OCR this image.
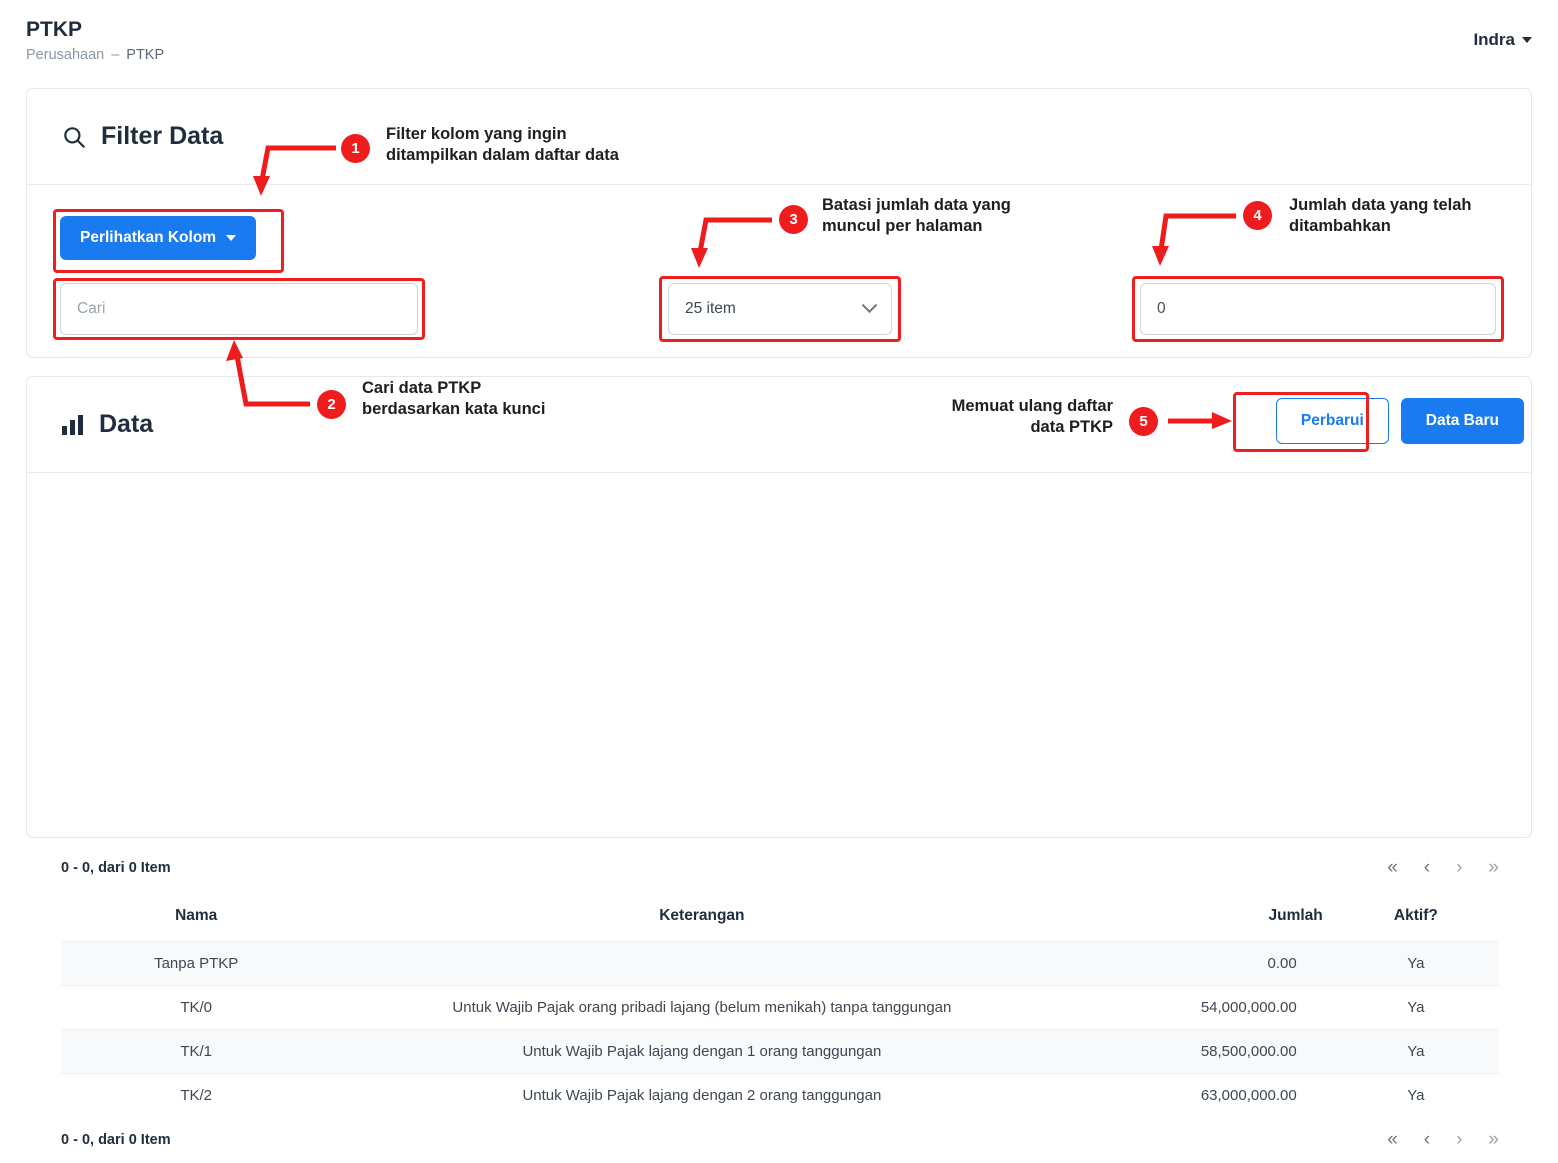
PTKP
Perusahaan – PTKP
Indra
Filter Data
Perlihatkan Kolom
Cari
25 item
0
Data
0 - 0, dari 0 Item	« ‹ › »
Nama	Keterangan	Jumlah	Aktif?
Tanpa PTKP		0.00	Ya
TK/0	Untuk Wajib Pajak orang pribadi lajang (belum menikah) tanpa tanggungan	54,000,000.00	Ya
TK/1	Untuk Wajib Pajak lajang dengan 1 orang tanggungan	58,500,000.00	Ya
TK/2	Untuk Wajib Pajak lajang dengan 2 orang tanggungan	63,000,000.00	Ya
0 - 0, dari 0 Item	« ‹ › »
Perbarui	Data Baru
1
2
3	4
5
Filter kolom yang ingin
ditampilkan dalam daftar data
Cari data PTKP
berdasarkan kata kunci
Batasi jumlah data yang
muncul per halaman
Jumlah data yang telah
ditambahkan
Memuat ulang daftar
data PTKP
